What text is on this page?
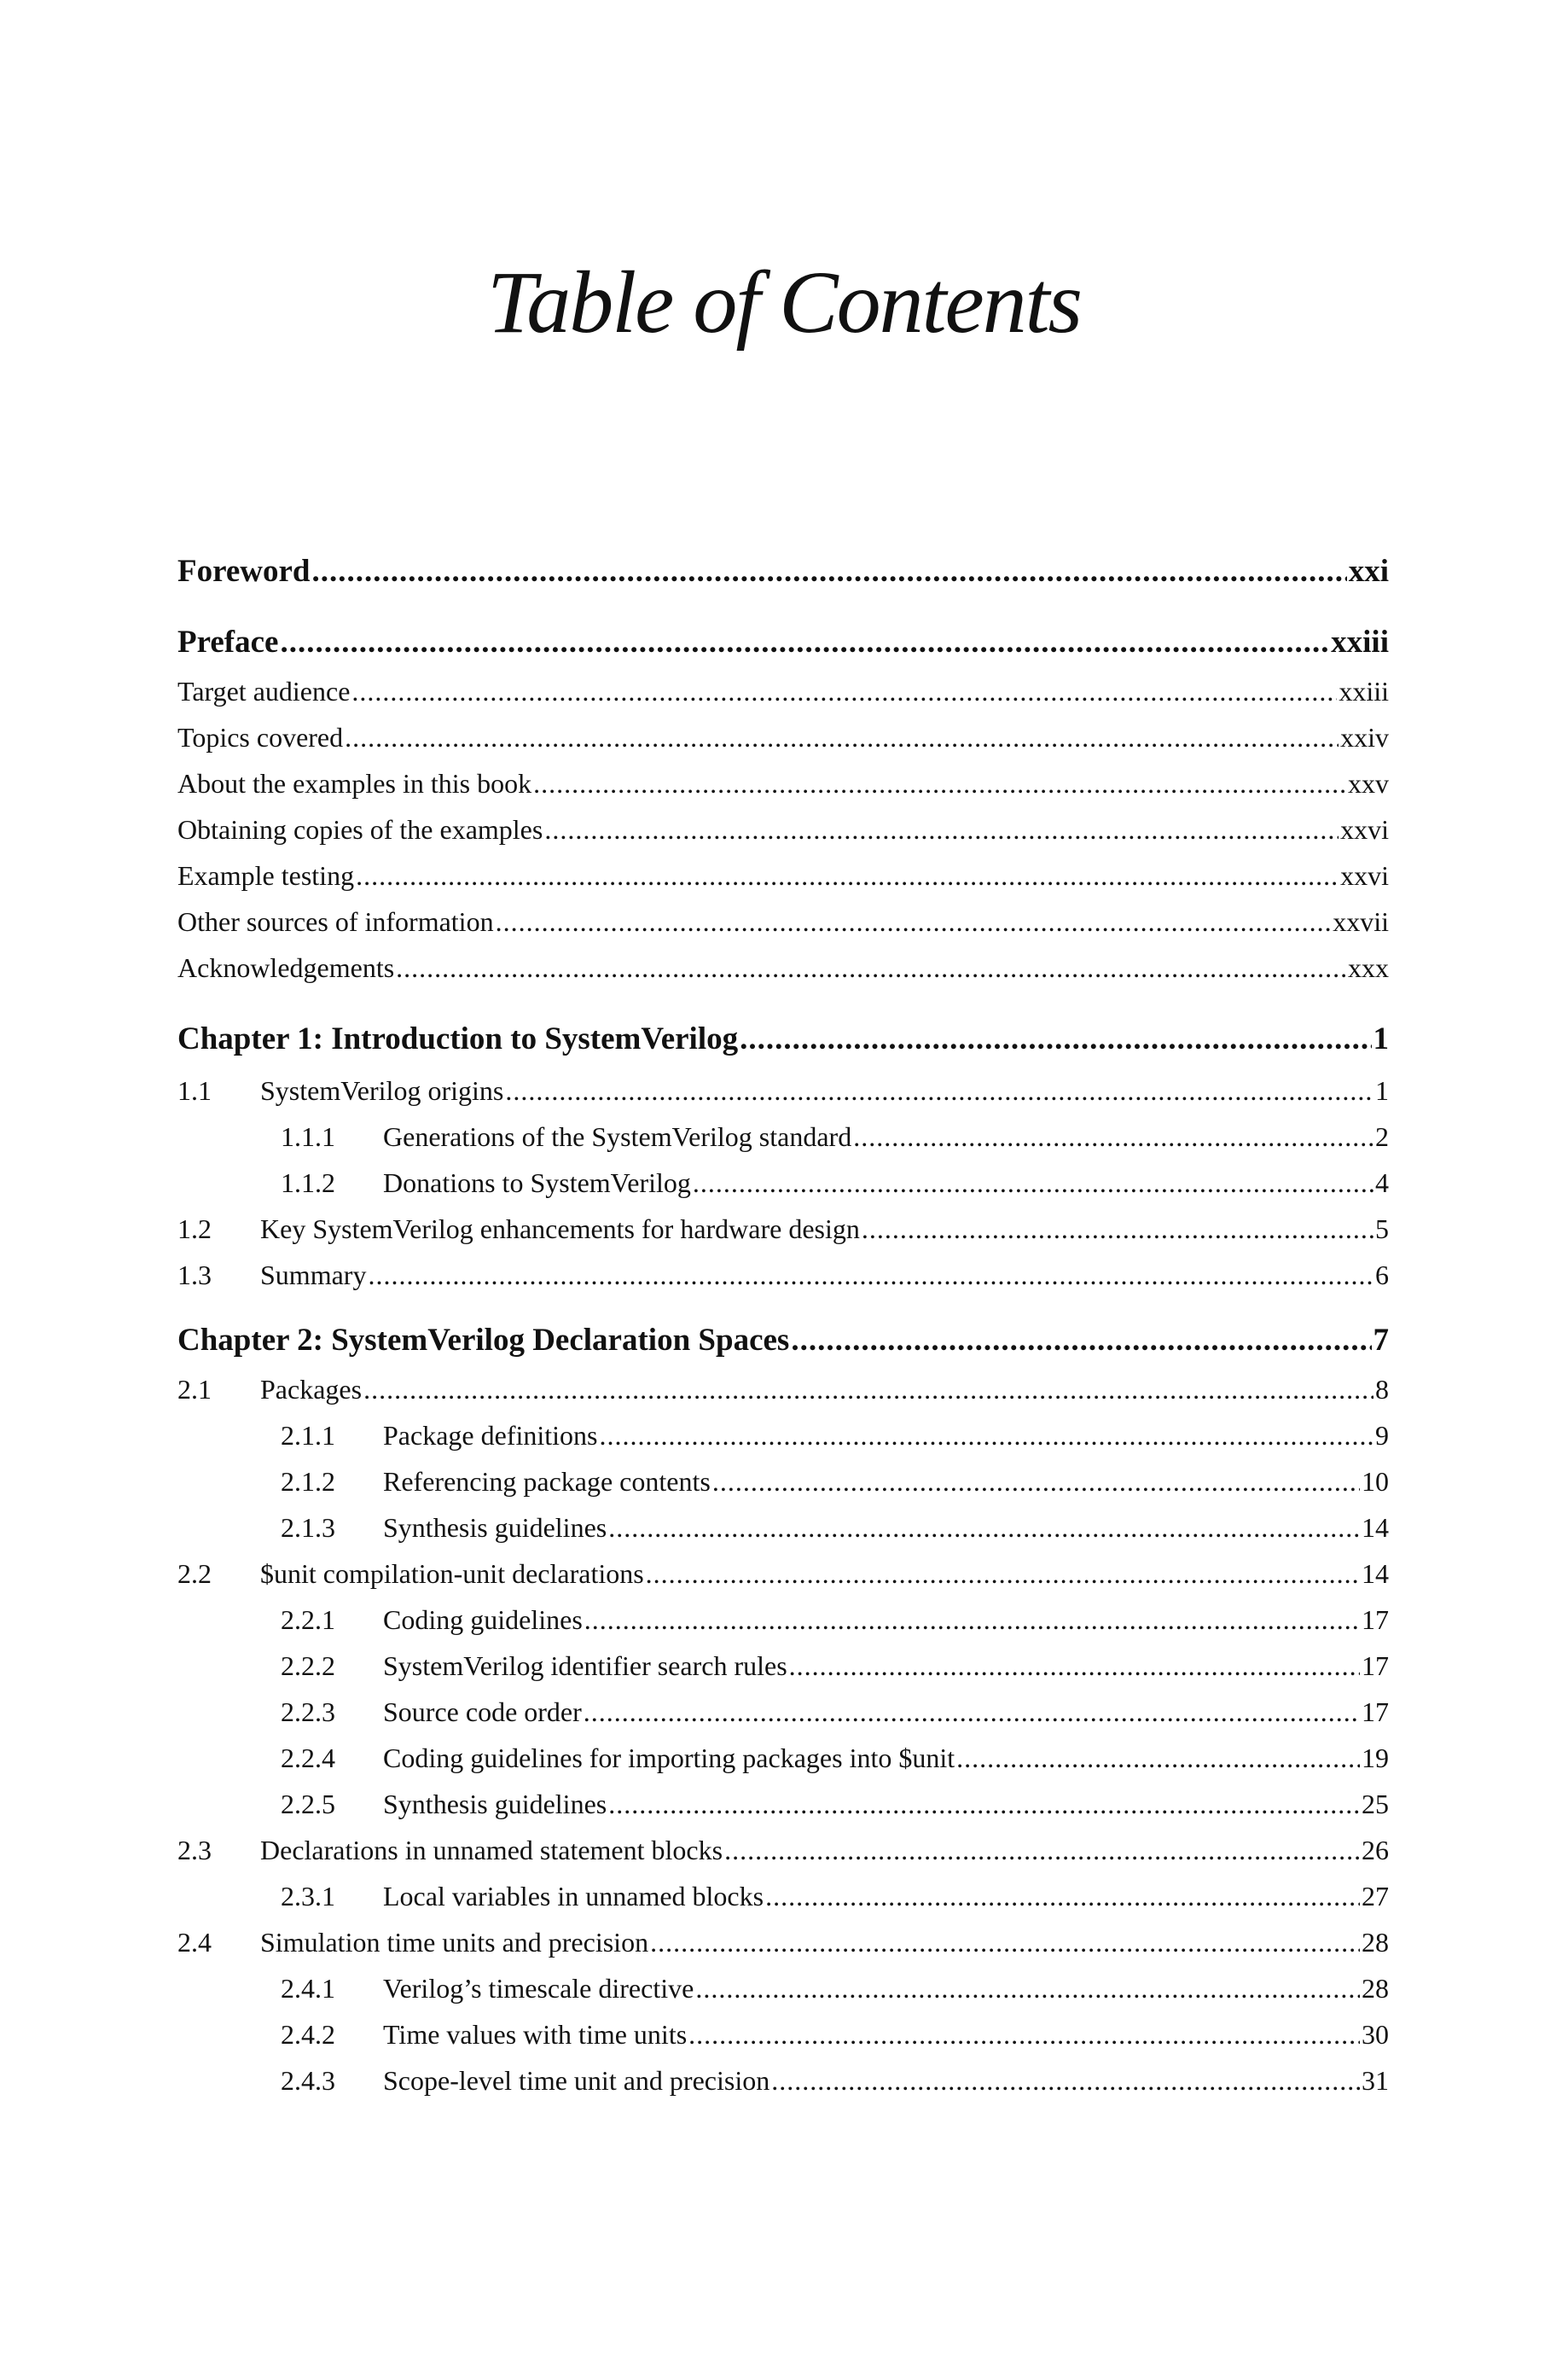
Table of Contents
Foreword .....	xxi
Preface .....	xxiii
Target audience .....	xxiii
Topics covered .....	xxiv
About the examples in this book .....	xxv
Obtaining copies of the examples .....	xxvi
Example testing .....	xxvi
Other sources of information .....	xxvii
Acknowledgements .....	xxx
Chapter 1: Introduction to SystemVerilog .....	1
1.1	SystemVerilog origins .....	1
1.1.1	Generations of the SystemVerilog standard .....	2
1.1.2	Donations to SystemVerilog .....	4
1.2	Key SystemVerilog enhancements for hardware design .....	5
1.3	Summary .....	6
Chapter 2: SystemVerilog Declaration Spaces .....	7
2.1	Packages .....	8
2.1.1	Package definitions .....	9
2.1.2	Referencing package contents .....	10
2.1.3	Synthesis guidelines .....	14
2.2	$unit compilation-unit declarations .....	14
2.2.1	Coding guidelines .....	17
2.2.2	SystemVerilog identifier search rules .....	17
2.2.3	Source code order .....	17
2.2.4	Coding guidelines for importing packages into $unit .....	19
2.2.5	Synthesis guidelines .....	25
2.3	Declarations in unnamed statement blocks .....	26
2.3.1	Local variables in unnamed blocks .....	27
2.4	Simulation time units and precision .....	28
2.4.1	Verilog’s timescale directive .....	28
2.4.2	Time values with time units .....	30
2.4.3	Scope-level time unit and precision .....	31
